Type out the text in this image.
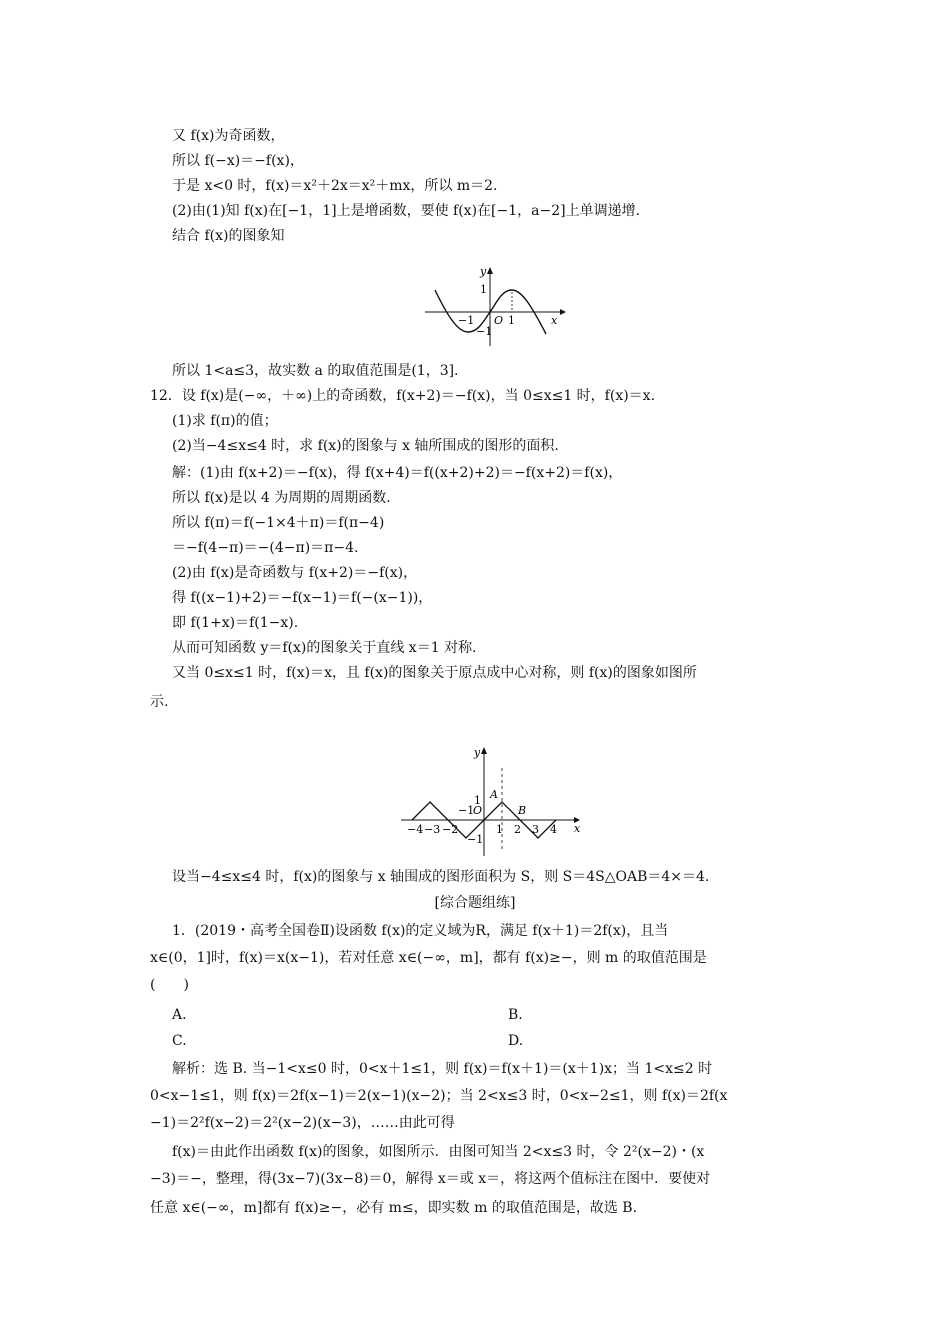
又 f(x)为奇函数，
所以 f(−x)＝−f(x)，
于是 x<0 时，f(x)＝x²＋2x＝x²＋mx，所以 m＝2.
(2)由(1)知 f(x)在[−1，1]上是增函数，要使 f(x)在[−1，a−2]上单调递增.
结合 f(x)的图象知
y
x
O
1
−1
−1	1
所以 1<a≤3，故实数 a 的取值范围是(1，3].
12．设 f(x)是(−∞，＋∞)上的奇函数，f(x+2)＝−f(x)，当 0≤x≤1 时，f(x)＝x.
(1)求 f(π)的值；
(2)当−4≤x≤4 时，求 f(x)的图象与 x 轴所围成的图形的面积.
解：(1)由 f(x+2)＝−f(x)，得 f(x+4)＝f((x+2)+2)＝−f(x+2)＝f(x)，
所以 f(x)是以 4 为周期的周期函数.
所以 f(π)＝f(−1×4＋π)＝f(π−4)
＝−f(4−π)＝−(4−π)＝π−4.
(2)由 f(x)是奇函数与 f(x+2)＝−f(x)，
得 f((x−1)+2)＝−f(x−1)＝f(−(x−1))，
即 f(1+x)＝f(1−x).
从而可知函数 y＝f(x)的图象关于直线 x＝1 对称.
又当 0≤x≤1 时，f(x)＝x，且 f(x)的图象关于原点成中心对称，则 f(x)的图象如图所
示.
y
x
O
1
−1
A
B
−4 −3 −2
−1
1 2 3 4
设当−4≤x≤4 时，f(x)的图象与 x 轴围成的图形面积为 S，则 S＝4S△OAB＝4×＝4.
[综合题组练]
1．(2019・高考全国卷Ⅱ)设函数 f(x)的定义域为R，满足 f(x＋1)＝2f(x)，且当
x∈(0，1]时，f(x)＝x(x−1)，若对任意 x∈(−∞，m]，都有 f(x)≥−，则 m 的取值范围是
(　　)
A.	B.
C.	D.
解析：选 B. 当−1<x≤0 时，0<x＋1≤1，则 f(x)＝f(x＋1)＝(x＋1)x；当 1<x≤2 时
0<x−1≤1，则 f(x)＝2f(x−1)＝2(x−1)(x−2)；当 2<x≤3 时，0<x−2≤1，则 f(x)＝2f(x
−1)＝2²f(x−2)＝2²(x−2)(x−3)，……由此可得
f(x)＝由此作出函数 f(x)的图象，如图所示．由图可知当 2<x≤3 时，令 2²(x−2)・(x
−3)＝−，整理，得(3x−7)(3x−8)＝0，解得 x＝或 x＝，将这两个值标注在图中．要使对
任意 x∈(−∞，m]都有 f(x)≥−，必有 m≤，即实数 m 的取值范围是，故选 B.
